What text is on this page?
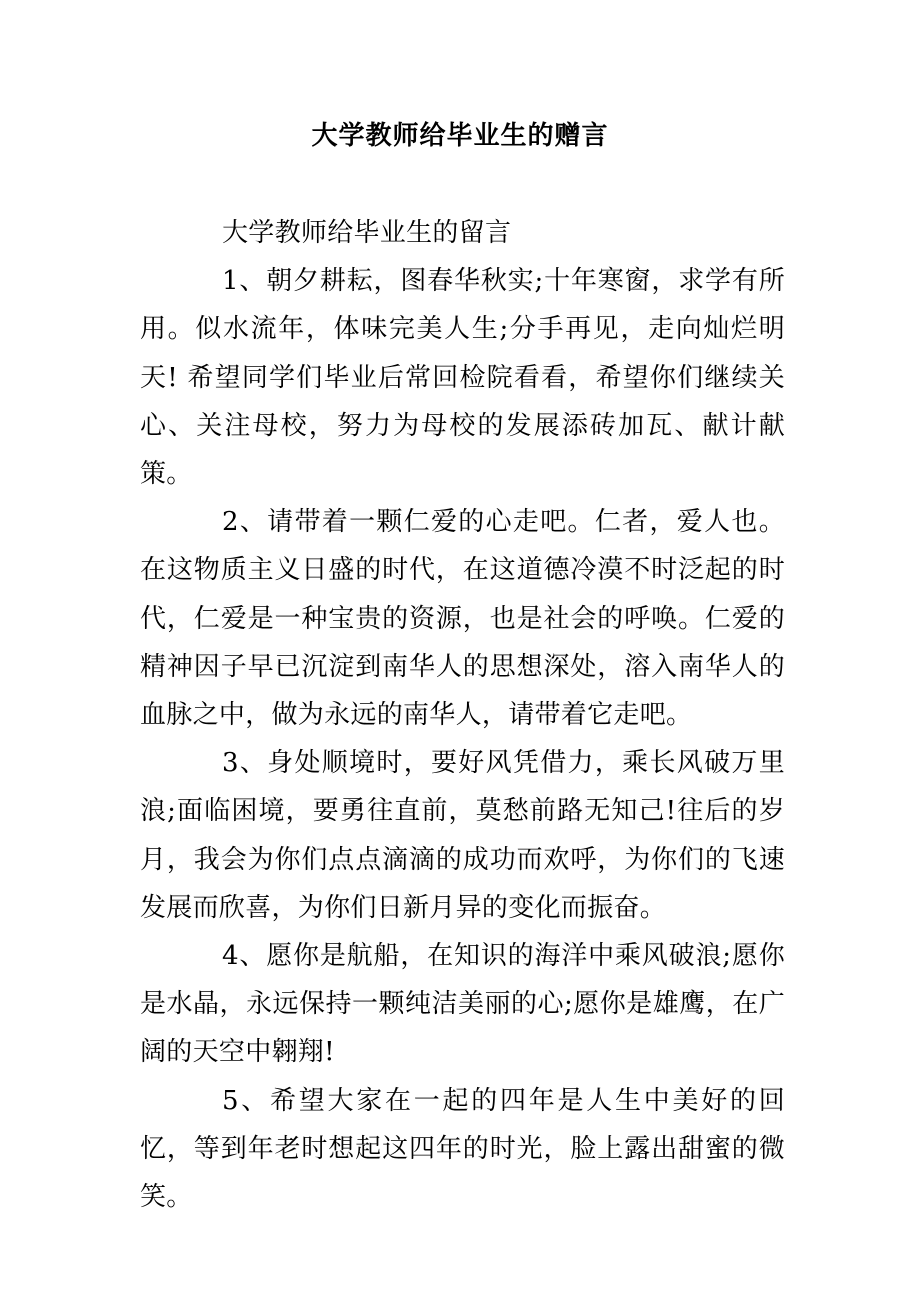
大学教师给毕业生的赠言

大学教师给毕业生的留言

1、朝夕耕耘，图春华秋实;十年寒窗，求学有所用。似水流年，体味完美人生;分手再见，走向灿烂明天! 希望同学们毕业后常回检院看看，希望你们继续关心、关注母校，努力为母校的发展添砖加瓦、献计献策。

2、请带着一颗仁爱的心走吧。仁者，爱人也。在这物质主义日盛的时代，在这道德冷漠不时泛起的时代，仁爱是一种宝贵的资源，也是社会的呼唤。仁爱的精神因子早已沉淀到南华人的思想深处，溶入南华人的血脉之中，做为永远的南华人，请带着它走吧。

3、身处顺境时，要好风凭借力，乘长风破万里浪;面临困境，要勇往直前，莫愁前路无知己!往后的岁月，我会为你们点点滴滴的成功而欢呼，为你们的飞速发展而欣喜，为你们日新月异的变化而振奋。

4、愿你是航船，在知识的海洋中乘风破浪;愿你是水晶，永远保持一颗纯洁美丽的心;愿你是雄鹰，在广阔的天空中翱翔!

5、希望大家在一起的四年是人生中美好的回忆，等到年老时想起这四年的时光，脸上露出甜蜜的微笑。
